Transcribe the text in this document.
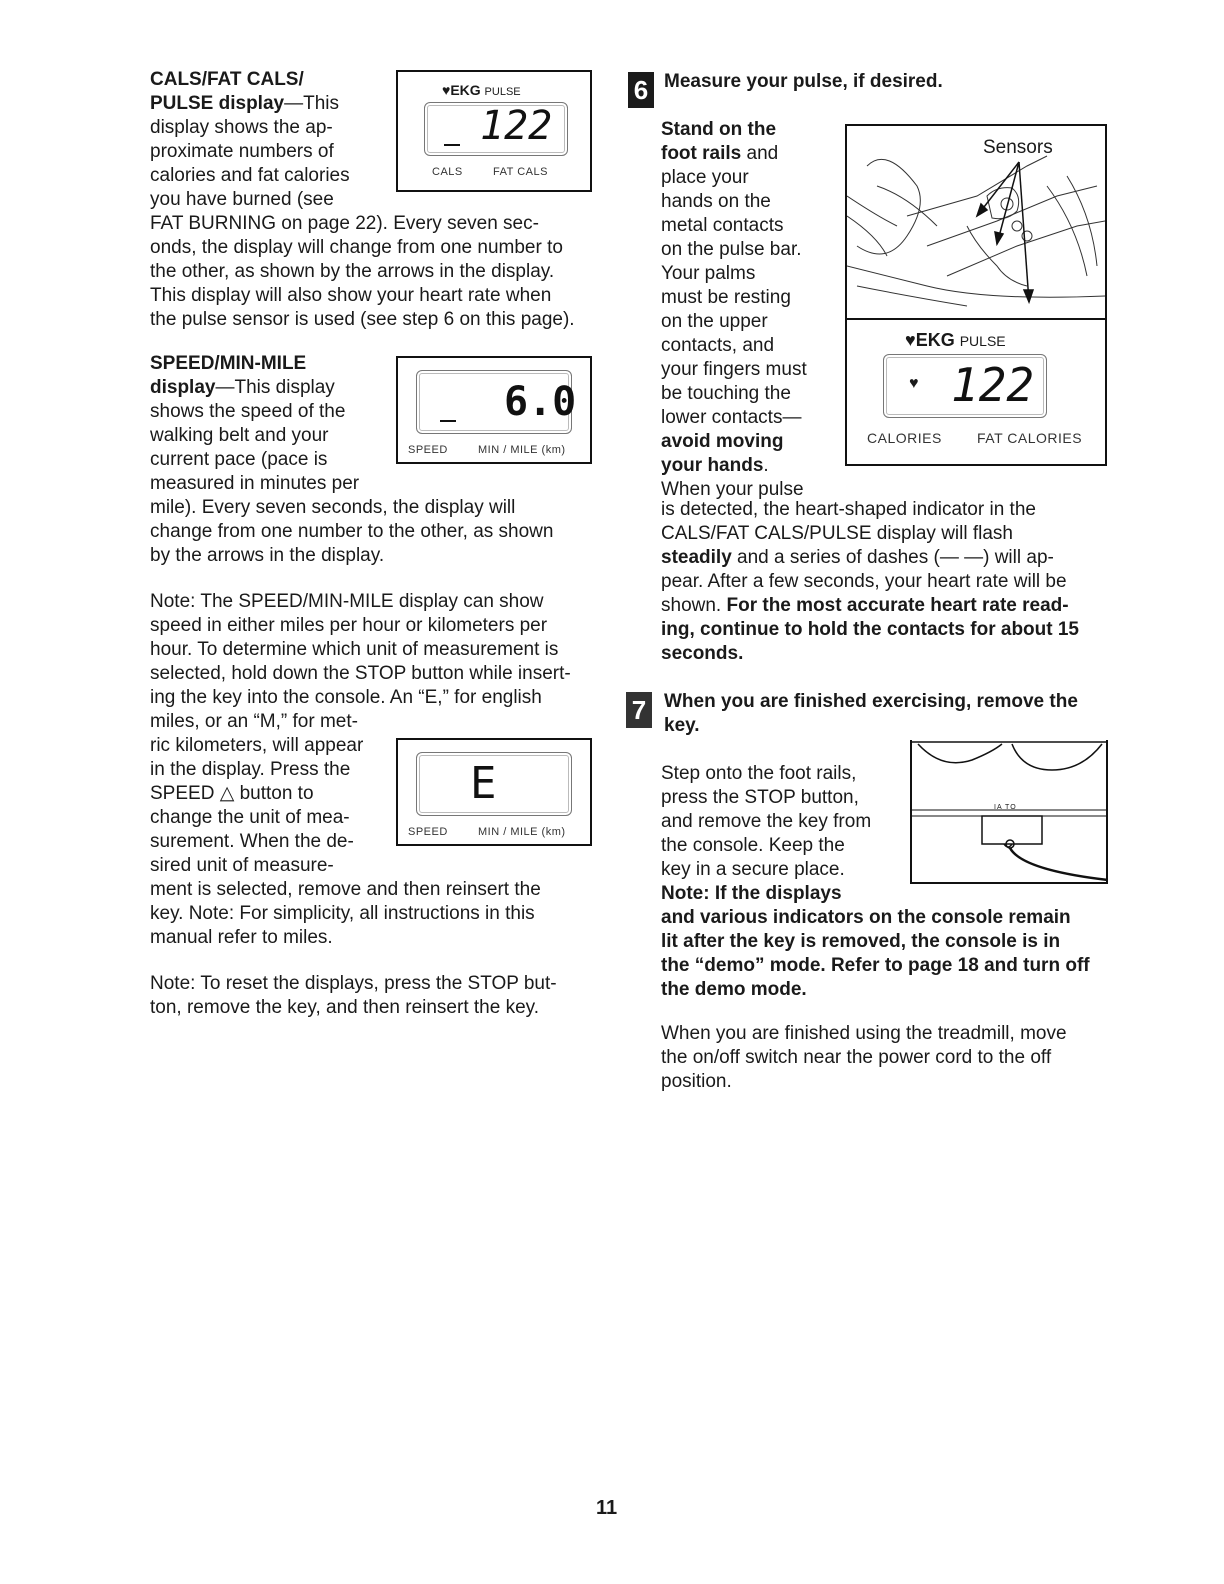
CALS/FAT CALS/
PULSE display—This
display shows the ap-
proximate numbers of
calories and fat calories
you have burned (see
FAT BURNING on page 22). Every seven sec-
onds, the display will change from one number to
the other, as shown by the arrows in the display.
This display will also show your heart rate when
the pulse sensor is used (see step 6 on this page).
SPEED/MIN-MILE
display—This display
shows the speed of the
walking belt and your
current pace (pace is
measured in minutes per
mile). Every seven seconds, the display will
change from one number to the other, as shown
by the arrows in the display.
Note: The SPEED/MIN-MILE display can show
speed in either miles per hour or kilometers per
hour. To determine which unit of measurement is
selected, hold down the STOP button while insert-
ing the key into the console. An “E,” for english
miles, or an “M,” for met-
ric kilometers, will appear
in the display. Press the
SPEED △ button to
change the unit of mea-
surement. When the de-
sired unit of measure-
ment is selected, remove and then reinsert the
key. Note: For simplicity, all instructions in this
manual refer to miles.
Note: To reset the displays, press the STOP but-
ton, remove the key, and then reinsert the key.
♥EKG PULSE
122
CALS	FAT CALS
6.0
SPEED	MIN / MILE (km)
E
SPEED	MIN / MILE (km)
6 Measure your pulse, if desired.
Stand on the
foot rails and
place your
hands on the
metal contacts
on the pulse bar.
Your palms
must be resting
on the upper
contacts, and
your fingers must
be touching the
lower contacts—
avoid moving
your hands.
When your pulse
is detected, the heart-shaped indicator in the
CALS/FAT CALS/PULSE display will flash
steadily and a series of dashes (— —) will ap-
pear. After a few seconds, your heart rate will be
shown. For the most accurate heart rate read-
ing, continue to hold the contacts for about 15
seconds.
Sensors
♥EKG PULSE
♥ 122
CALORIES	FAT CALORIES
7 When you are finished exercising, remove the
key.
Step onto the foot rails,
press the STOP button,
and remove the key from
the console. Keep the
key in a secure place.
Note: If the displays
and various indicators on the console remain
lit after the key is removed, the console is in
the “demo” mode. Refer to page 18 and turn off
the demo mode.
When you are finished using the treadmill, move
the on/off switch near the power cord to the off
position.
IA TO
11
